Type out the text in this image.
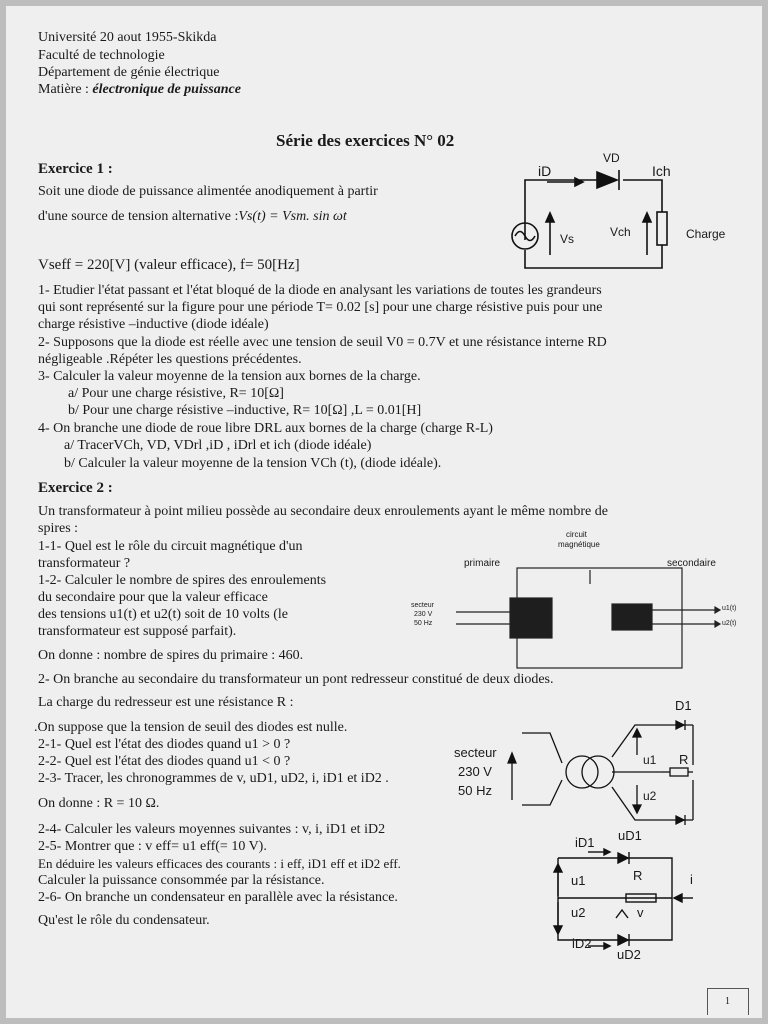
Université 20 aout 1955-Skikda
Faculté de technologie
Département de génie électrique
Matière : électronique de puissance
Série des exercices N° 02
Exercice 1 :
Soit une diode de puissance alimentée anodiquement à partir
d'une source de tension alternative :Vs(t) = Vsm. sin ωt
Vseff = 220[V] (valeur efficace), f= 50[Hz]
1- Etudier l'état passant et l'état bloqué de la diode en analysant les variations de toutes les grandeurs
qui sont représenté sur la figure pour une période T= 0.02 [s] pour une charge résistive puis pour une
charge résistive –inductive (diode idéale)
2- Supposons que la diode est réelle avec une tension de seuil V0 = 0.7V et une résistance interne RD
négligeable .Répéter les questions précédentes.
3- Calculer la valeur moyenne de la tension aux bornes de la charge.
a/ Pour une charge résistive, R= 10[Ω]
b/ Pour une charge résistive –inductive, R= 10[Ω] ,L = 0.01[H]
4- On branche une diode de roue libre DRL aux bornes de la charge (charge R-L)
a/ TracerVCh, VD, VDrl ,iD , iDrl et ich (diode idéale)
b/ Calculer la valeur moyenne de la tension VCh (t), (diode idéale).
iD
VD
Ich
Vs	Vch	Charge
Exercice 2 :
Un transformateur à point milieu possède au secondaire deux enroulements ayant le même nombre de
spires :
1-1- Quel est le rôle du circuit magnétique d'un
transformateur ?
1-2- Calculer le nombre de spires des enroulements
du secondaire pour que la valeur efficace
des tensions u1(t) et u2(t) soit de 10 volts (le
transformateur est supposé parfait).
On donne : nombre de spires du primaire : 460.
2- On branche au secondaire du transformateur un pont redresseur constitué de deux diodes.
La charge du redresseur est une résistance R :
.On suppose que la tension de seuil des diodes est nulle.
2-1- Quel est l'état des diodes quand u1 > 0 ?
2-2- Quel est l'état des diodes quand u1 < 0 ?
2-3- Tracer, les chronogrammes de v, uD1, uD2, i, iD1 et iD2 .
On donne : R = 10 Ω.
2-4- Calculer les valeurs moyennes suivantes : v, i, iD1 et iD2
2-5- Montrer que : v eff= u1 eff(= 10 V).
En déduire les valeurs efficaces des courants : i eff, iD1 eff et iD2 eff.
Calculer la puissance consommée par la résistance.
2-6- On branche un condensateur en parallèle avec la résistance.
Qu'est le rôle du condensateur.
circuit
magnétique
primaire	secondaire
secteur
230 V
50 Hz
u1(t)
u2(t)
secteur
230 V
50 Hz
D1
u1 R
u2
iD1 uD1
u1	R	i
u2	v
iD2
uD2
1
